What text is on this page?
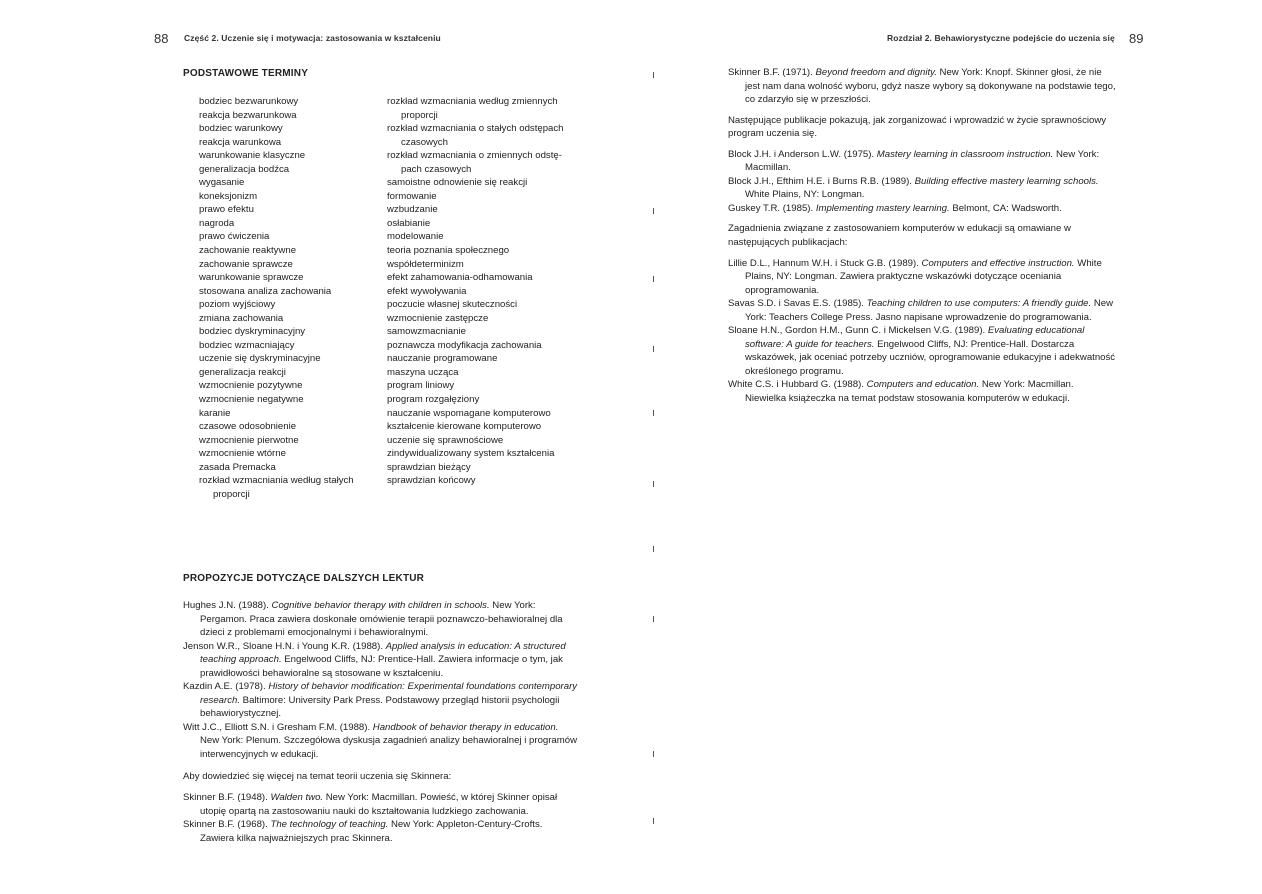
88 Część 2. Uczenie się i motywacja: zastosowania w kształceniu
PODSTAWOWE TERMINY
bodziec bezwarunkowy
reakcja bezwarunkowa
bodziec warunkowy
reakcja warunkowa
warunkowanie klasyczne
generalizacja bodźca
wygasanie
koneksjonizm
prawo efektu
nagroda
prawo ćwiczenia
zachowanie reaktywne
zachowanie sprawcze
warunkowanie sprawcze
stosowana analiza zachowania
poziom wyjściowy
zmiana zachowania
bodziec dyskryminacyjny
bodziec wzmacniający
uczenie się dyskryminacyjne
generalizacja reakcji
wzmocnienie pozytywne
wzmocnienie negatywne
karanie
czasowe odosobnienie
wzmocnienie pierwotne
wzmocnienie wtórne
zasada Premacka
rozkład wzmacniania według stałych
proporcji
rozkład wzmacniania według zmiennych
proporcji
rozkład wzmacniania o stałych odstępach
czasowych
rozkład wzmacniania o zmiennych odstę-
pach czasowych
samoistne odnowienie się reakcji
formowanie
wzbudzanie
osłabianie
modelowanie
teoria poznania społecznego
współdeterminizm
efekt zahamowania-odhamowania
efekt wywoływania
poczucie własnej skuteczności
wzmocnienie zastępcze
samowzmacnianie
poznawcza modyfikacja zachowania
nauczanie programowane
maszyna ucząca
program liniowy
program rozgałęziony
nauczanie wspomagane komputerowo
kształcenie kierowane komputerowo
uczenie się sprawnościowe
zindywidualizowany system kształcenia
sprawdzian bieżący
sprawdzian końcowy
PROPOZYCJE DOTYCZĄCE DALSZYCH LEKTUR

Hughes J.N. (1988). Cognitive behavior therapy with children in schools. New York: Pergamon. Praca zawiera doskonałe omówienie terapii poznawczo-behawioralnej dla dzieci z problemami emocjonalnymi i behawioralnymi.

Jenson W.R., Sloane H.N. i Young K.R. (1988). Applied analysis in education: A structured teaching approach. Engelwood Cliffs, NJ: Prentice-Hall. Zawiera informacje o tym, jak prawidłowości behawioralne są stosowane w kształceniu.

Kazdin A.E. (1978). History of behavior modification: Experimental foundations contemporary research. Baltimore: University Park Press. Podstawowy przegląd historii psychologii behawiorystycznej.

Witt J.C., Elliott S.N. i Gresham F.M. (1988). Handbook of behavior therapy in education. New York: Plenum. Szczegółowa dyskusja zagadnień analizy behawioralnej i programów interwencyjnych w edukacji.

Aby dowiedzieć się więcej na temat teorii uczenia się Skinnera:

Skinner B.F. (1948). Walden two. New York: Macmillan. Powieść, w której Skinner opisał utopię opartą na zastosowaniu nauki do kształtowania ludzkiego zachowania.

Skinner B.F. (1968). The technology of teaching. New York: Appleton-Century-Crofts. Zawiera kilka najważniejszych prac Skinnera.

Rozdział 2. Behawiorystyczne podejście do uczenia się 89

Skinner B.F. (1971). Beyond freedom and dignity. New York: Knopf. Skinner głosi, że nie jest nam dana wolność wyboru, gdyż nasze wybory są dokonywane na podstawie tego, co zdarzyło się w przeszłości.

Następujące publikacje pokazują, jak zorganizować i wprowadzić w życie sprawnościowy program uczenia się.

Block J.H. i Anderson L.W. (1975). Mastery learning in classroom instruction. New York: Macmillan.

Block J.H., Efthim H.E. i Burns R.B. (1989). Building effective mastery learning schools. White Plains, NY: Longman.

Guskey T.R. (1985). Implementing mastery learning. Belmont, CA: Wadsworth.

Zagadnienia związane z zastosowaniem komputerów w edukacji są omawiane w następujących publikacjach:

Lillie D.L., Hannum W.H. i Stuck G.B. (1989). Computers and effective instruction. White Plains, NY: Longman. Zawiera praktyczne wskazówki dotyczące oceniania oprogramowania.

Savas S.D. i Savas E.S. (1985). Teaching children to use computers: A friendly guide. New York: Teachers College Press. Jasno napisane wprowadzenie do programowania.

Sloane H.N., Gordon H.M., Gunn C. i Mickelsen V.G. (1989). Evaluating educational software: A guide for teachers. Engelwood Cliffs, NJ: Prentice-Hall. Dostarcza wskazówek, jak oceniać potrzeby uczniów, oprogramowanie edukacyjne i adekwatność określonego programu.

White C.S. i Hubbard G. (1988). Computers and education. New York: Macmillan. Niewielka książeczka na temat podstaw stosowania komputerów w edukacji.
